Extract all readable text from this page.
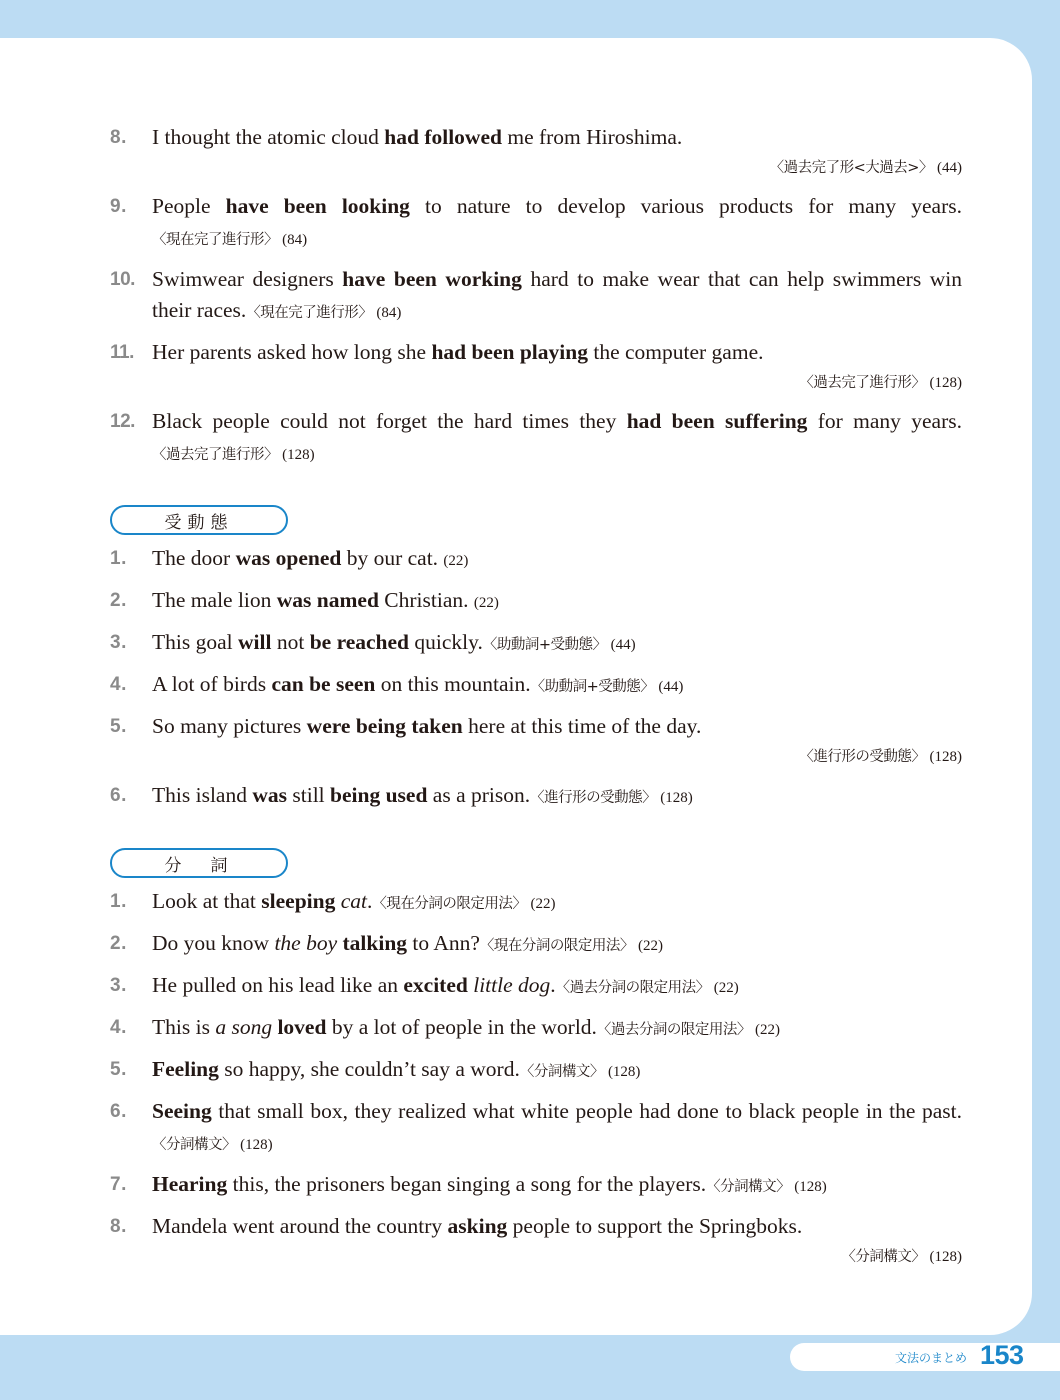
8. I thought the atomic cloud had followed me from Hiroshima.
〈過去完了形<大過去>〉 (44)
9. People have been looking to nature to develop various products for many years.〈現在完了進行形〉 (84)
10. Swimwear designers have been working hard to make wear that can help swimmers win their races.〈現在完了進行形〉 (84)
11. Her parents asked how long she had been playing the computer game.
〈過去完了進行形〉 (128)
12. Black people could not forget the hard times they had been suffering for many years.〈過去完了進行形〉 (128)
受動態
1. The door was opened by our cat. (22)
2. The male lion was named Christian. (22)
3. This goal will not be reached quickly.〈助動詞+受動態〉 (44)
4. A lot of birds can be seen on this mountain.〈助動詞+受動態〉 (44)
5. So many pictures were being taken here at this time of the day.
〈進行形の受動態〉 (128)
6. This island was still being used as a prison.〈進行形の受動態〉 (128)
分　詞
1. Look at that sleeping cat.〈現在分詞の限定用法〉 (22)
2. Do you know the boy talking to Ann?〈現在分詞の限定用法〉 (22)
3. He pulled on his lead like an excited little dog.〈過去分詞の限定用法〉 (22)
4. This is a song loved by a lot of people in the world.〈過去分詞の限定用法〉 (22)
5. Feeling so happy, she couldn’t say a word.〈分詞構文〉 (128)
6. Seeing that small box, they realized what white people had done to black people in the past.〈分詞構文〉 (128)
7. Hearing this, the prisoners began singing a song for the players.〈分詞構文〉 (128)
8. Mandela went around the country asking people to support the Springboks.
〈分詞構文〉 (128)
文法のまとめ 153
